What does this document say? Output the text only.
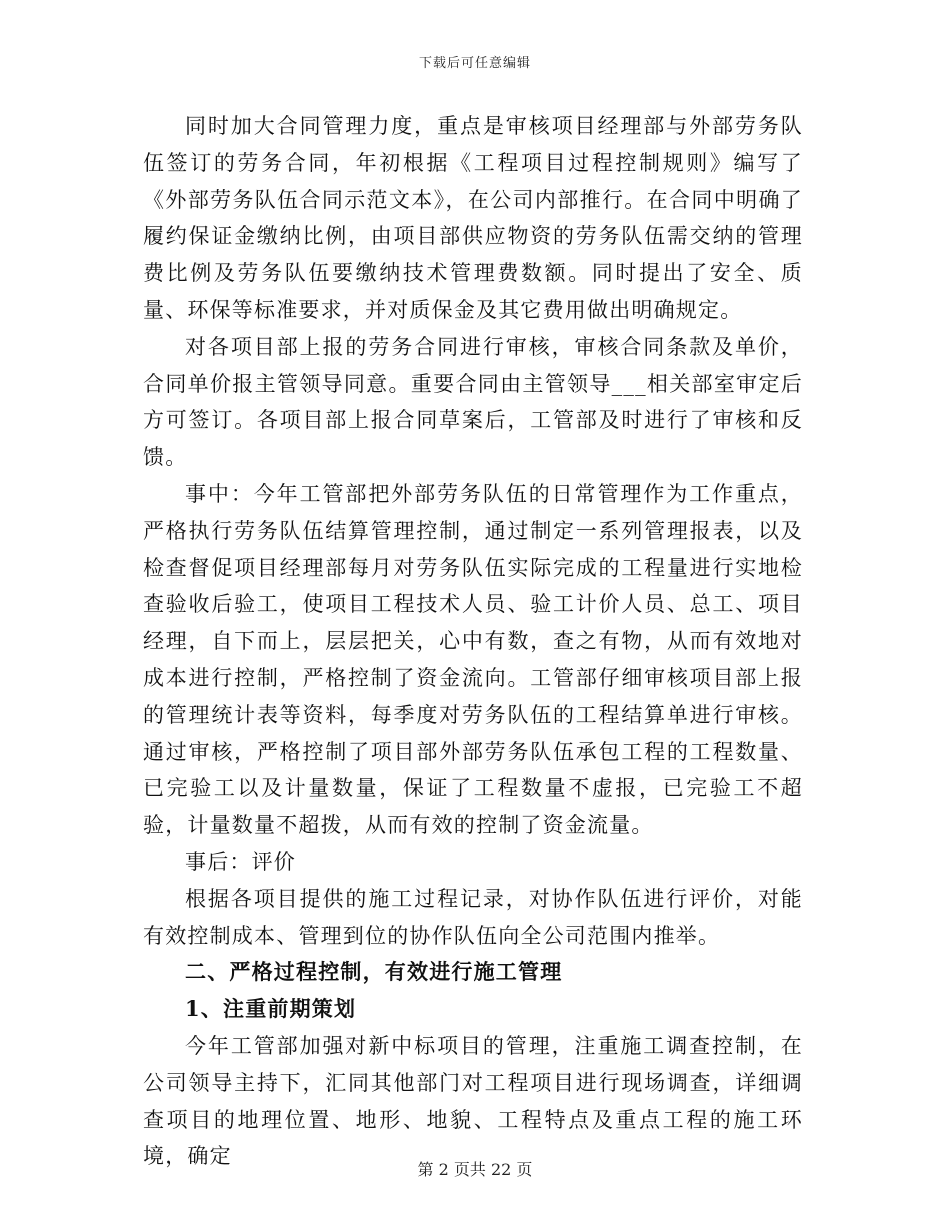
下载后可任意编辑

同时加大合同管理力度，重点是审核项目经理部与外部劳务队伍签订的劳务合同，年初根据《工程项目过程控制规则》编写了《外部劳务队伍合同示范文本》，在公司内部推行。在合同中明确了履约保证金缴纳比例，由项目部供应物资的劳务队伍需交纳的管理费比例及劳务队伍要缴纳技术管理费数额。同时提出了安全、质量、环保等标准要求，并对质保金及其它费用做出明确规定。

对各项目部上报的劳务合同进行审核，审核合同条款及单价，合同单价报主管领导同意。重要合同由主管领导___相关部室审定后方可签订。各项目部上报合同草案后，工管部及时进行了审核和反馈。

事中：今年工管部把外部劳务队伍的日常管理作为工作重点，严格执行劳务队伍结算管理控制，通过制定一系列管理报表，以及检查督促项目经理部每月对劳务队伍实际完成的工程量进行实地检查验收后验工，使项目工程技术人员、验工计价人员、总工、项目经理，自下而上，层层把关，心中有数，查之有物，从而有效地对成本进行控制，严格控制了资金流向。工管部仔细审核项目部上报的管理统计表等资料，每季度对劳务队伍的工程结算单进行审核。通过审核，严格控制了项目部外部劳务队伍承包工程的工程数量、已完验工以及计量数量，保证了工程数量不虚报，已完验工不超验，计量数量不超拨，从而有效的控制了资金流量。

事后：评价

根据各项目提供的施工过程记录，对协作队伍进行评价，对能有效控制成本、管理到位的协作队伍向全公司范围内推举。

二、严格过程控制，有效进行施工管理

1、注重前期策划

今年工管部加强对新中标项目的管理，注重施工调查控制，在公司领导主持下，汇同其他部门对工程项目进行现场调查，详细调查项目的地理位置、地形、地貌、工程特点及重点工程的施工环境，确定

第 2 页共 22 页
